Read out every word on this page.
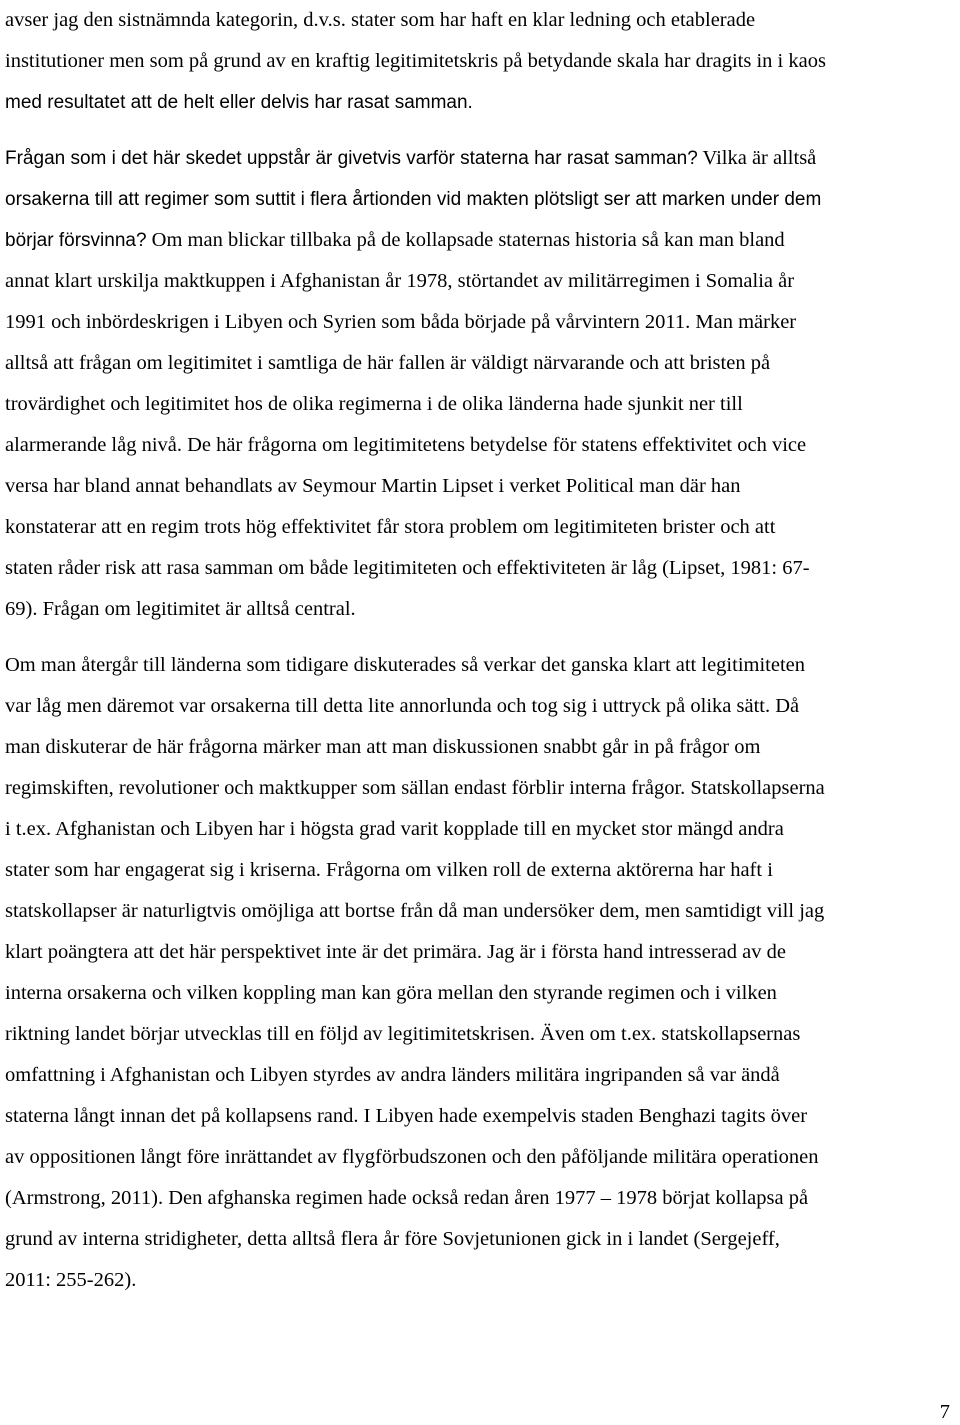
avser jag den sistnämnda kategorin, d.v.s. stater som har haft en klar ledning och etablerade
institutioner men som på grund av en kraftig legitimitetskris på betydande skala har dragits in i kaos
med resultatet att de helt eller delvis har rasat samman.

Frågan som i det här skedet uppstår är givetvis varför staterna har rasat samman? Vilka är alltså
orsakerna till att regimer som suttit i flera årtionden vid makten plötsligt ser att marken under dem
börjar försvinna? Om man blickar tillbaka på de kollapsade staternas historia så kan man bland
annat klart urskilja maktkuppen i Afghanistan år 1978, störtandet av militärregimen i Somalia år
1991 och inbördeskrigen i Libyen och Syrien som båda började på vårvintern 2011. Man märker
alltså att frågan om legitimitet i samtliga de här fallen är väldigt närvarande och att bristen på
trovärdighet och legitimitet hos de olika regimerna i de olika länderna hade sjunkit ner till
alarmerande låg nivå. De här frågorna om legitimitetens betydelse för statens effektivitet och vice
versa har bland annat behandlats av Seymour Martin Lipset i verket Political man där han
konstaterar att en regim trots hög effektivitet får stora problem om legitimiteten brister och att
staten råder risk att rasa samman om både legitimiteten och effektiviteten är låg (Lipset, 1981: 67-
69). Frågan om legitimitet är alltså central.

Om man återgår till länderna som tidigare diskuterades så verkar det ganska klart att legitimiteten
var låg men däremot var orsakerna till detta lite annorlunda och tog sig i uttryck på olika sätt. Då
man diskuterar de här frågorna märker man att man diskussionen snabbt går in på frågor om
regimskiften, revolutioner och maktkupper som sällan endast förblir interna frågor. Statskollapserna
i t.ex. Afghanistan och Libyen har i högsta grad varit kopplade till en mycket stor mängd andra
stater som har engagerat sig i kriserna. Frågorna om vilken roll de externa aktörerna har haft i
statskollapser är naturligtvis omöjliga att bortse från då man undersöker dem, men samtidigt vill jag
klart poängtera att det här perspektivet inte är det primära. Jag är i första hand intresserad av de
interna orsakerna och vilken koppling man kan göra mellan den styrande regimen och i vilken
riktning landet börjar utvecklas till en följd av legitimitetskrisen. Även om t.ex. statskollapsernas
omfattning i Afghanistan och Libyen styrdes av andra länders militära ingripanden så var ändå
staterna långt innan det på kollapsens rand. I Libyen hade exempelvis staden Benghazi tagits över
av oppositionen långt före inrättandet av flygförbudszonen och den påföljande militära operationen
(Armstrong, 2011). Den afghanska regimen hade också redan åren 1977 – 1978 börjat kollapsa på
grund av interna stridigheter, detta alltså flera år före Sovjetunionen gick in i landet (Sergejeff,
2011: 255-262).

7
